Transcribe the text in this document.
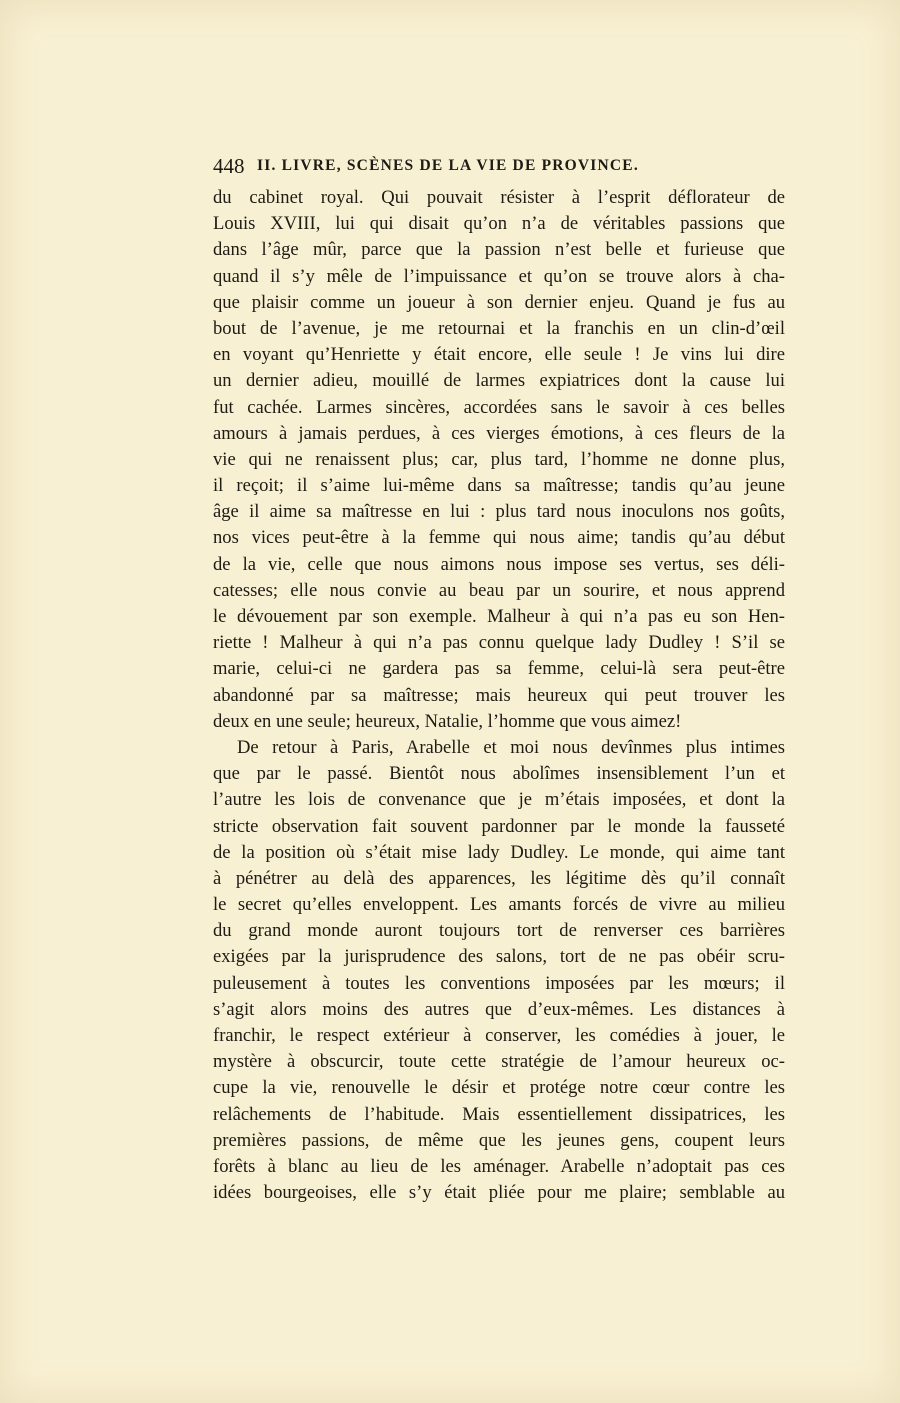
448 II. LIVRE, SCÈNES DE LA VIE DE PROVINCE.
du cabinet royal. Qui pouvait résister à l’esprit déflorateur de
Louis XVIII, lui qui disait qu’on n’a de véritables passions que
dans l’âge mûr, parce que la passion n’est belle et furieuse que
quand il s’y mêle de l’impuissance et qu’on se trouve alors à cha-
que plaisir comme un joueur à son dernier enjeu. Quand je fus au
bout de l’avenue, je me retournai et la franchis en un clin-d’œil
en voyant qu’Henriette y était encore, elle seule ! Je vins lui dire
un dernier adieu, mouillé de larmes expiatrices dont la cause lui
fut cachée. Larmes sincères, accordées sans le savoir à ces belles
amours à jamais perdues, à ces vierges émotions, à ces fleurs de la
vie qui ne renaissent plus; car, plus tard, l’homme ne donne plus,
il reçoit; il s’aime lui-même dans sa maîtresse; tandis qu’au jeune
âge il aime sa maîtresse en lui : plus tard nous inoculons nos goûts,
nos vices peut-être à la femme qui nous aime; tandis qu’au début
de la vie, celle que nous aimons nous impose ses vertus, ses déli-
catesses; elle nous convie au beau par un sourire, et nous apprend
le dévouement par son exemple. Malheur à qui n’a pas eu son Hen-
riette ! Malheur à qui n’a pas connu quelque lady Dudley ! S’il se
marie, celui-ci ne gardera pas sa femme, celui-là sera peut-être
abandonné par sa maîtresse; mais heureux qui peut trouver les
deux en une seule; heureux, Natalie, l’homme que vous aimez!
De retour à Paris, Arabelle et moi nous devînmes plus intimes
que par le passé. Bientôt nous abolîmes insensiblement l’un et
l’autre les lois de convenance que je m’étais imposées, et dont la
stricte observation fait souvent pardonner par le monde la fausseté
de la position où s’était mise lady Dudley. Le monde, qui aime tant
à pénétrer au delà des apparences, les légitime dès qu’il connaît
le secret qu’elles enveloppent. Les amants forcés de vivre au milieu
du grand monde auront toujours tort de renverser ces barrières
exigées par la jurisprudence des salons, tort de ne pas obéir scru-
puleusement à toutes les conventions imposées par les mœurs; il
s’agit alors moins des autres que d’eux-mêmes. Les distances à
franchir, le respect extérieur à conserver, les comédies à jouer, le
mystère à obscurcir, toute cette stratégie de l’amour heureux oc-
cupe la vie, renouvelle le désir et protége notre cœur contre les
relâchements de l’habitude. Mais essentiellement dissipatrices, les
premières passions, de même que les jeunes gens, coupent leurs
forêts à blanc au lieu de les aménager. Arabelle n’adoptait pas ces
idées bourgeoises, elle s’y était pliée pour me plaire; semblable au
